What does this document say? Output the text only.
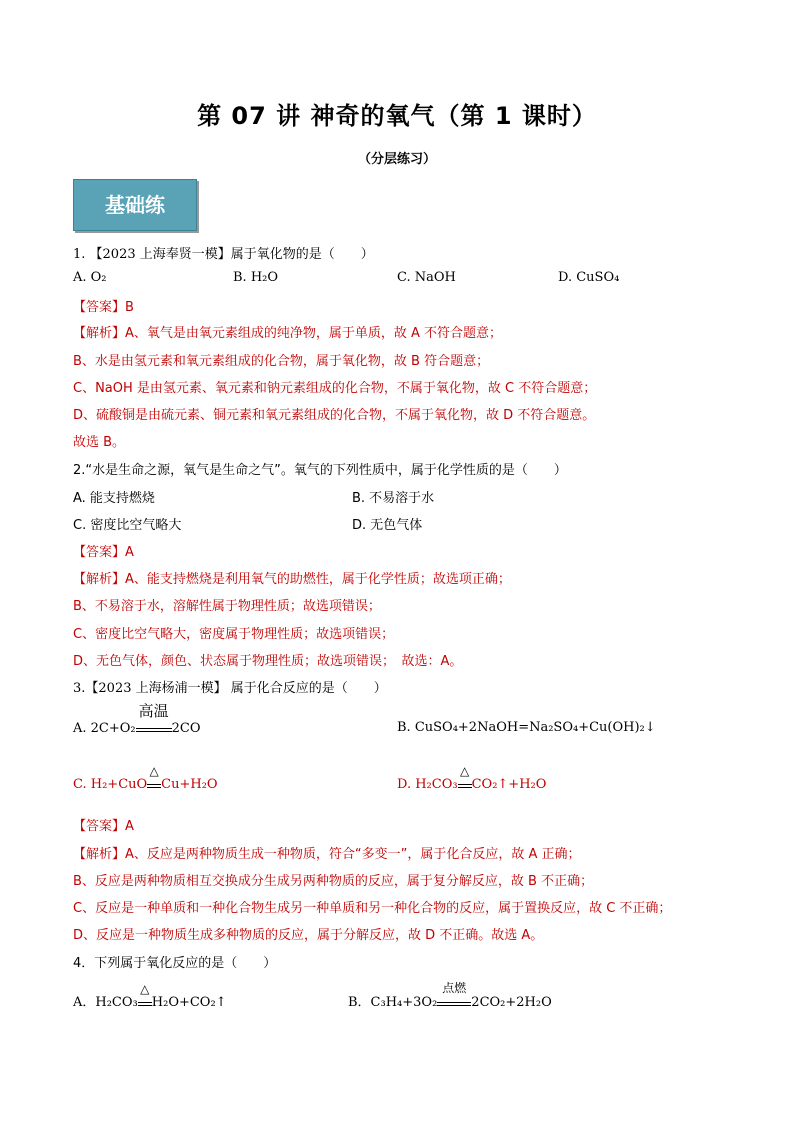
第 07 讲 神奇的氧气（第 1 课时）
（分层练习）
基础练
1. 【2023 上海奉贤一模】属于氧化物的是（　　）
A. O₂	B. H₂O	C. NaOH	D. CuSO₄
【答案】B
【解析】A、氧气是由氧元素组成的纯净物，属于单质，故 A 不符合题意；
B、水是由氢元素和氧元素组成的化合物，属于氧化物，故 B 符合题意；
C、NaOH 是由氢元素、氧元素和钠元素组成的化合物，不属于氧化物，故 C 不符合题意；
D、硫酸铜是由硫元素、铜元素和氧元素组成的化合物，不属于氧化物，故 D 不符合题意。
故选 B。
2.“水是生命之源，氧气是生命之气”。氧气的下列性质中，属于化学性质的是（　　）
A. 能支持燃烧	B. 不易溶于水
C. 密度比空气略大	D. 无色气体
【答案】A
【解析】A、能支持燃烧是利用氧气的助燃性，属于化学性质；故选项正确；
B、不易溶于水，溶解性属于物理性质；故选项错误；
C、密度比空气略大，密度属于物理性质；故选项错误；
D、无色气体，颜色、状态属于物理性质；故选项错误；　故选：A。
3.【2023 上海杨浦一模】 属于化合反应的是（　　）
A. 2C+O₂
高温
2CO	B. CuSO₄+2NaOH=Na₂SO₄+Cu(OH)₂↓
C. H₂+CuO
△
Cu+H₂O	D. H₂CO₃
△
CO₂↑+H₂O
【答案】A
【解析】A、反应是两种物质生成一种物质，符合“多变一”，属于化合反应，故 A 正确；
B、反应是两种物质相互交换成分生成另两种物质的反应，属于复分解反应，故 B 不正确；
C、反应是一种单质和一种化合物生成另一种单质和另一种化合物的反应，属于置换反应，故 C 不正确；
D、反应是一种物质生成多种物质的反应，属于分解反应，故 D 不正确。故选 A。
4．下列属于氧化反应的是（　　）
A．H₂CO₃
△
H₂O+CO₂↑	B．C₃H₄+3O₂
点燃
2CO₂+2H₂O
